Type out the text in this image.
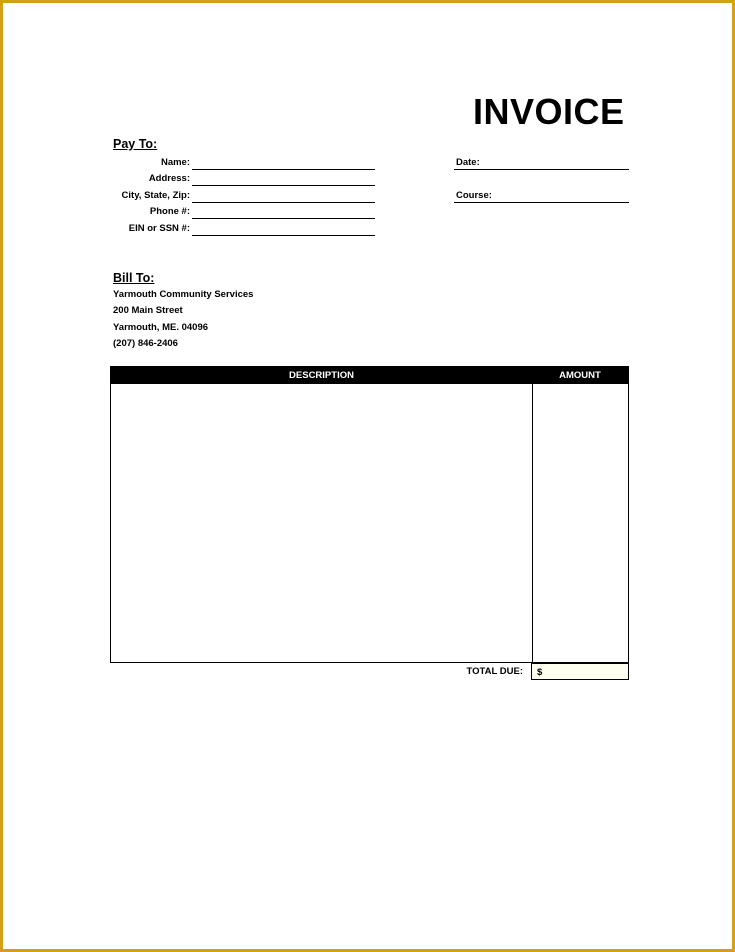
INVOICE
Pay To:
Name:
Address:
City, State, Zip:
Phone #:
EIN or SSN #:
Date:
Course:
Bill To:
Yarmouth Community Services
200 Main Street
Yarmouth, ME. 04096
(207) 846-2406
DESCRIPTION	AMOUNT
TOTAL DUE:	$
